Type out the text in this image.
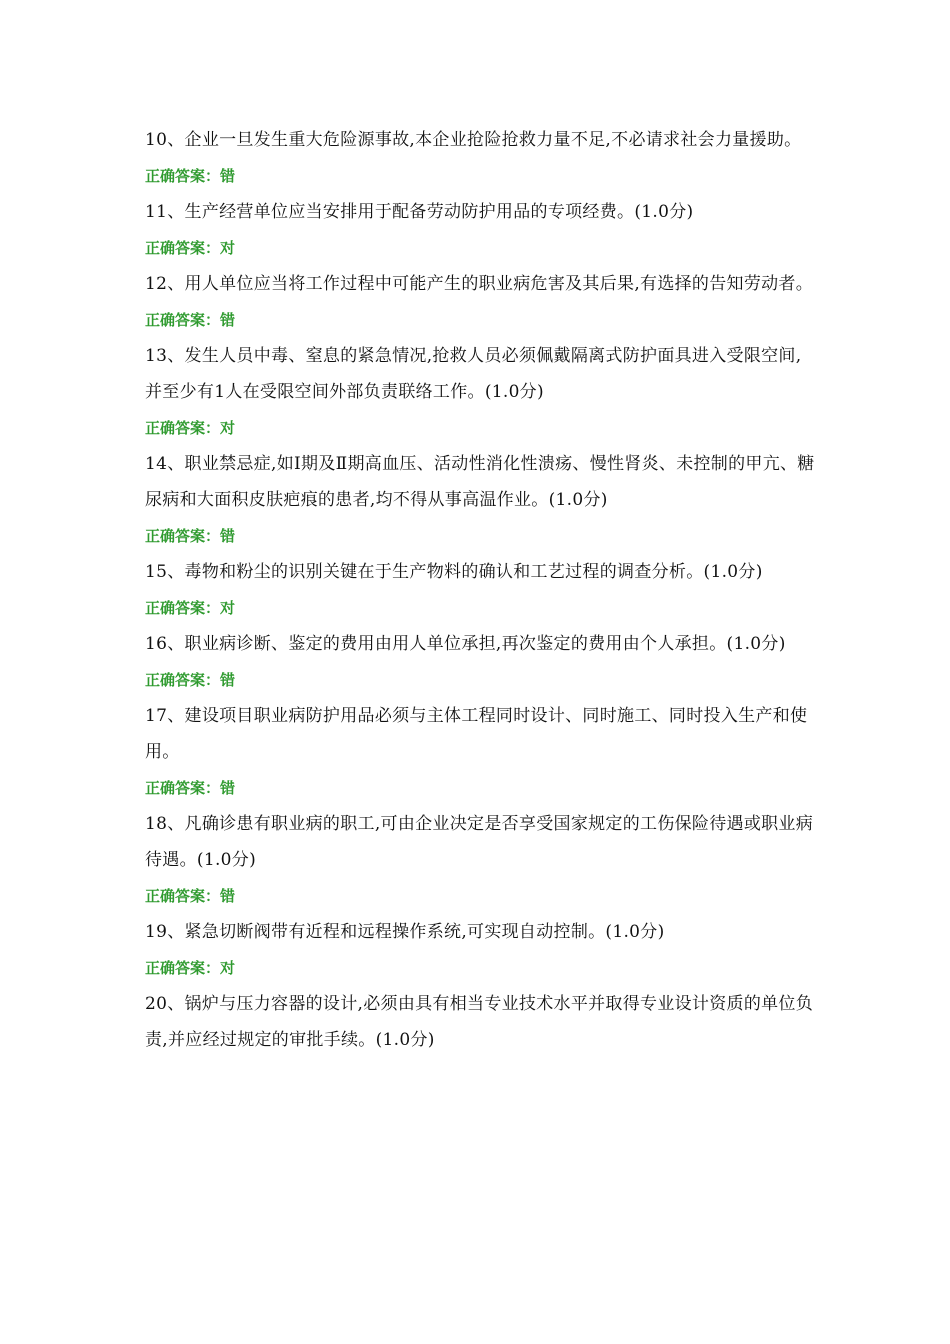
10、企业一旦发生重大危险源事故,本企业抢险抢救力量不足,不必请求社会力量援助。

正确答案：错

11、生产经营单位应当安排用于配备劳动防护用品的专项经费。(1.0分)

正确答案：对

12、用人单位应当将工作过程中可能产生的职业病危害及其后果,有选择的告知劳动者。

正确答案：错

13、发生人员中毒、窒息的紧急情况,抢救人员必须佩戴隔离式防护面具进入受限空间,并至少有1人在受限空间外部负责联络工作。(1.0分)

正确答案：对

14、职业禁忌症,如Ⅰ期及Ⅱ期高血压、活动性消化性溃疡、慢性肾炎、未控制的甲亢、糖尿病和大面积皮肤疤痕的患者,均不得从事高温作业。(1.0分)

正确答案：错

15、毒物和粉尘的识别关键在于生产物料的确认和工艺过程的调查分析。(1.0分)

正确答案：对

16、职业病诊断、鉴定的费用由用人单位承担,再次鉴定的费用由个人承担。(1.0分)

正确答案：错

17、建设项目职业病防护用品必须与主体工程同时设计、同时施工、同时投入生产和使用。

正确答案：错

18、凡确诊患有职业病的职工,可由企业决定是否享受国家规定的工伤保险待遇或职业病待遇。(1.0分)

正确答案：错

19、紧急切断阀带有近程和远程操作系统,可实现自动控制。(1.0分)

正确答案：对

20、锅炉与压力容器的设计,必须由具有相当专业技术水平并取得专业设计资质的单位负责,并应经过规定的审批手续。(1.0分)
